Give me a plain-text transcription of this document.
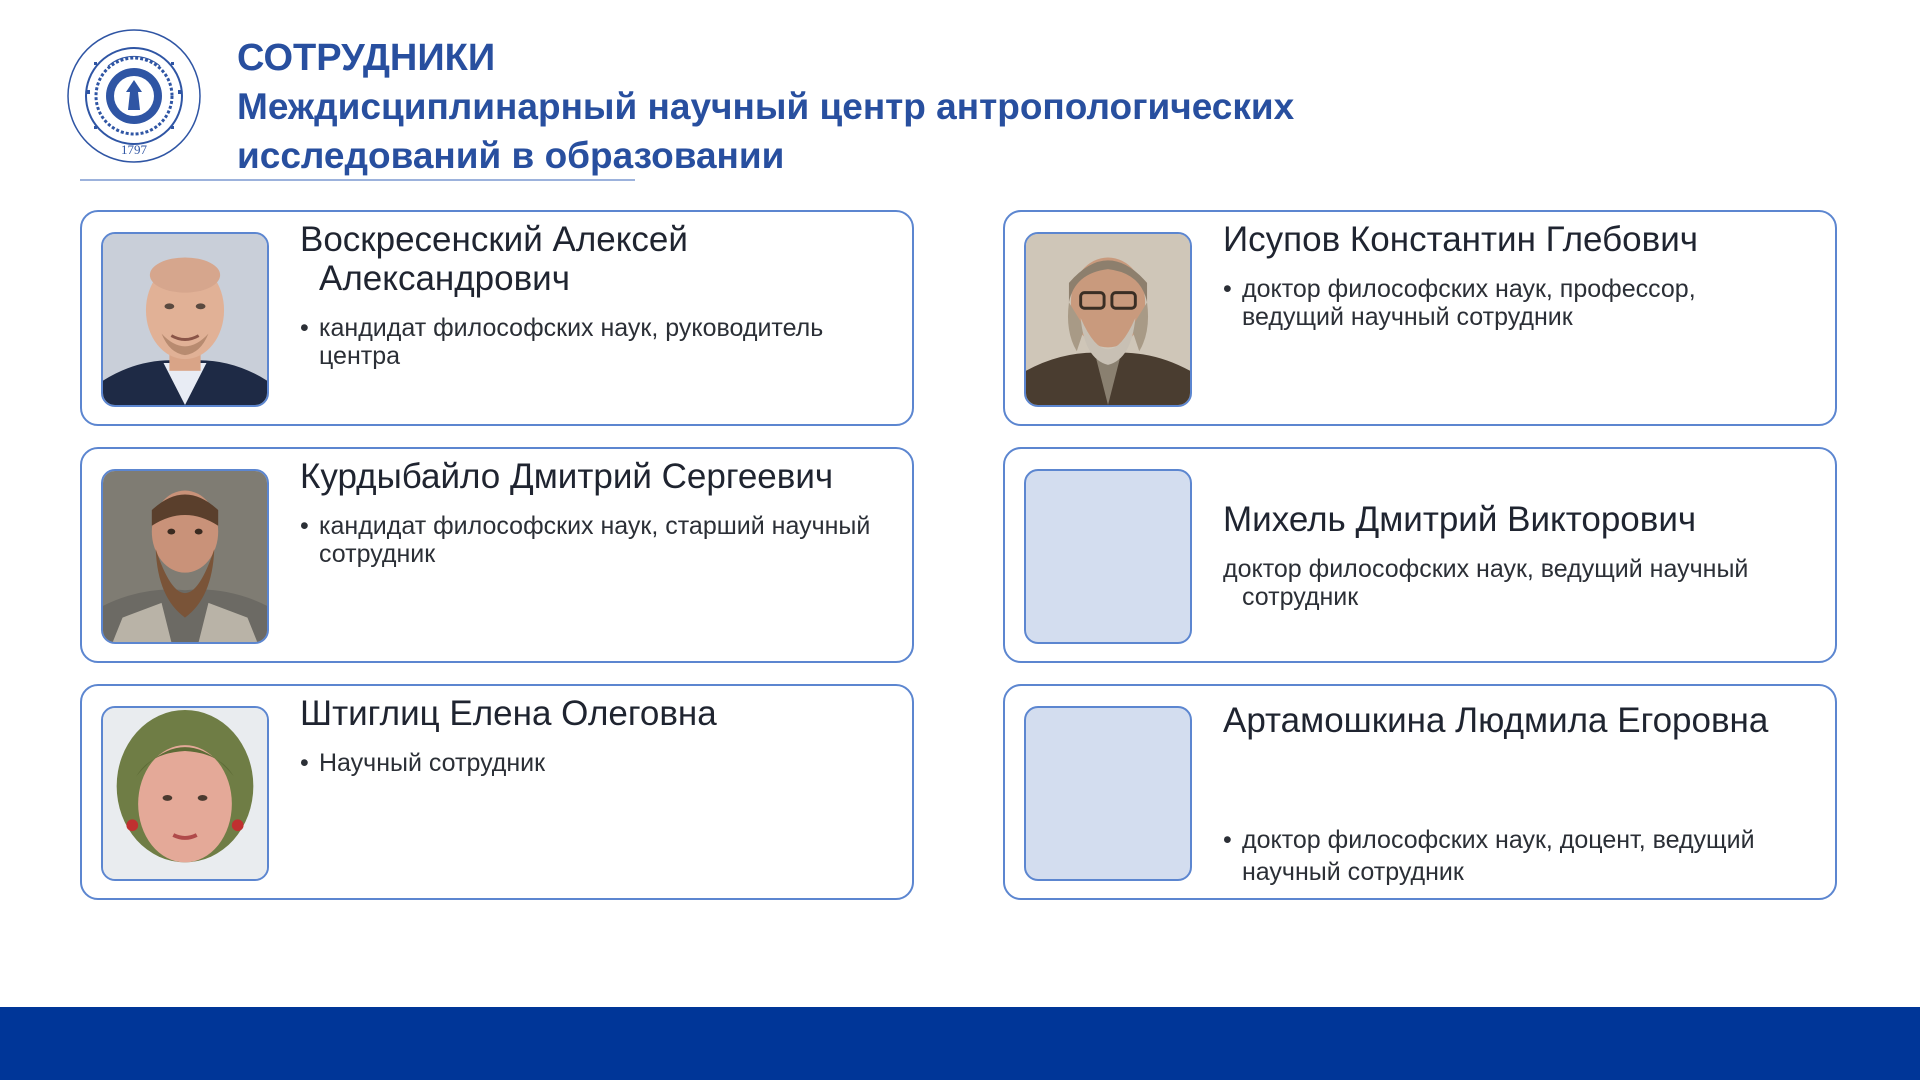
1797
СОТРУДНИКИ
Междисциплинарный научный центр антропологических исследований в образовании
Воскресенский Алексей
Александрович
• кандидат философских наук, руководитель центра
Исупов Константин Глебович
• доктор философских наук, профессор, ведущий научный сотрудник
Курдыбайло Дмитрий Сергеевич
• кандидат философских наук, старший научный сотрудник
Михель Дмитрий Викторович
доктор философских наук, ведущий научный сотрудник
Штиглиц Елена Олеговна
• Научный сотрудник
Артамошкина Людмила Егоровна
• доктор философских наук, доцент, ведущий научный сотрудник
